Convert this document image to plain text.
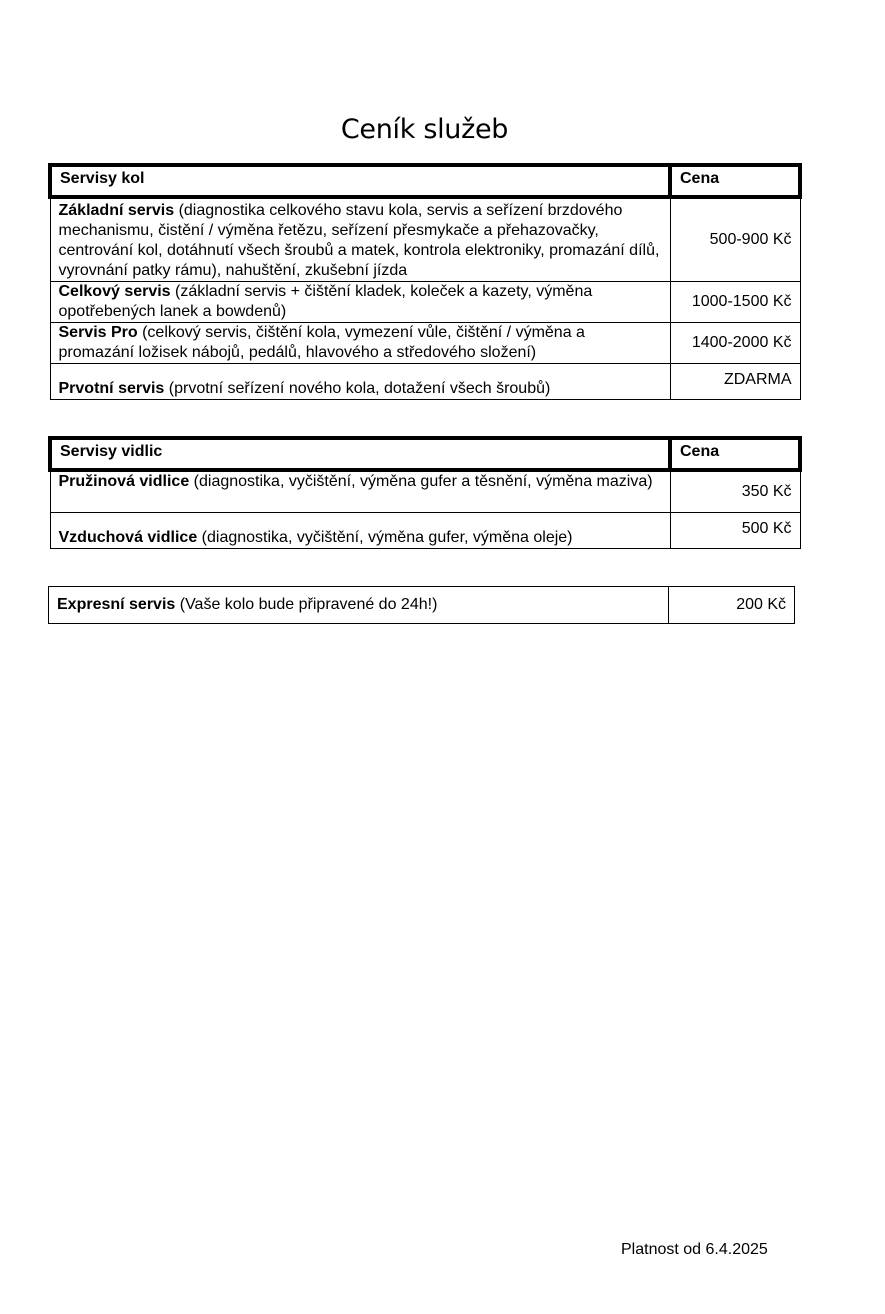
Ceník služeb
Servisy kol	Cena
Základní servis (diagnostika celkového stavu kola, servis a seřízení brzdového mechanismu, čistění / výměna řetězu, seřízení přesmykače a přehazovačky, centrování kol, dotáhnutí všech šroubů a matek, kontrola elektroniky, promazání dílů, vyrovnání patky rámu), nahuštění, zkušební jízda	500-900 Kč
Celkový servis (základní servis + čištění kladek, koleček a kazety, výměna opotřebených lanek a bowdenů)	1000-1500 Kč
Servis Pro (celkový servis, čištění kola, vymezení vůle, čištění / výměna a promazání ložisek nábojů, pedálů, hlavového a středového složení)	1400-2000 Kč
Prvotní servis (prvotní seřízení nového kola, dotažení všech šroubů)	ZDARMA
Servisy vidlic	Cena
Pružinová vidlice (diagnostika, vyčištění, výměna gufer a těsnění, výměna maziva)	350 Kč
Vzduchová vidlice (diagnostika, vyčištění, výměna gufer, výměna oleje)	500 Kč
Expresní servis (Vaše kolo bude připravené do 24h!)	200 Kč
Platnost od 6.4.2025
